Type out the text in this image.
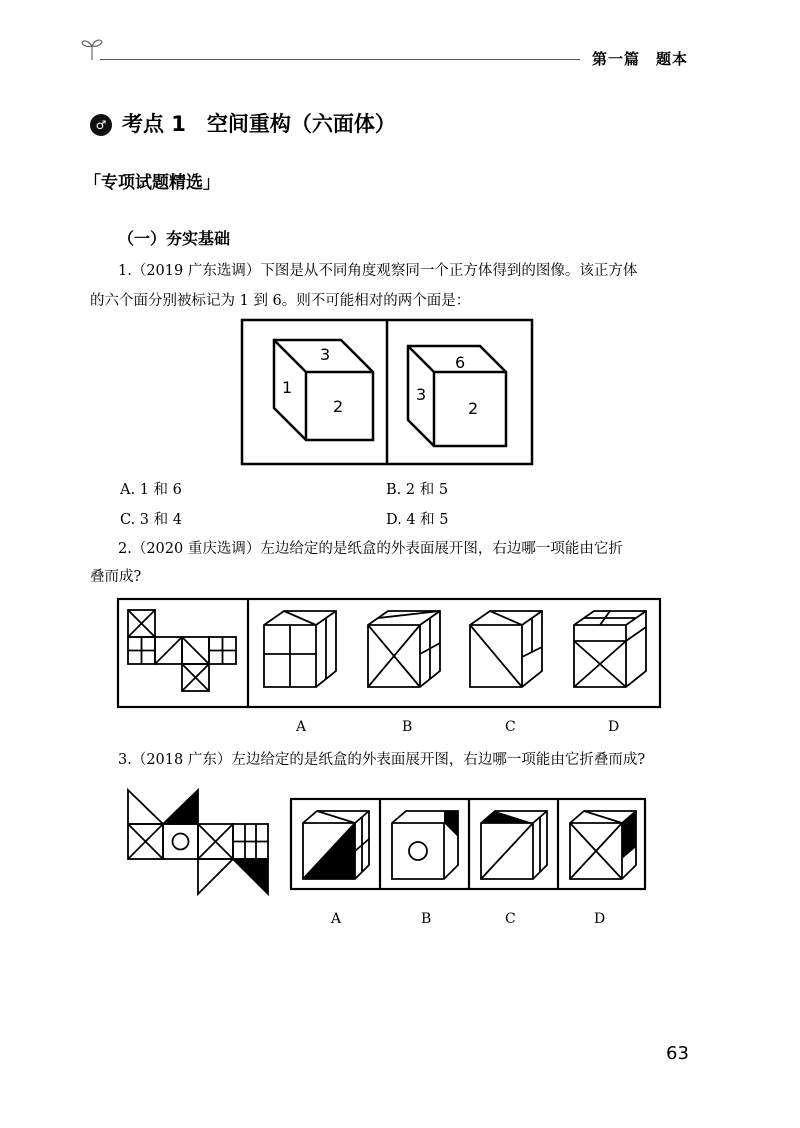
第一篇　题本
♂ 考点 1　空间重构（六面体）
「专项试题精选」
（一）夯实基础
1.（2019 广东选调）下图是从不同角度观察同一个正方体得到的图像。该正方体
的六个面分别被标记为 1 到 6。则不可能相对的两个面是：
3
1
2
6
3
2
A. 1 和 6	B. 2 和 5
C. 3 和 4	D. 4 和 5
2.（2020 重庆选调）左边给定的是纸盒的外表面展开图，右边哪一项能由它折
叠而成?
A	B	C	D
3.（2018 广东）左边给定的是纸盒的外表面展开图，右边哪一项能由它折叠而成?
A	B	C	D
63
